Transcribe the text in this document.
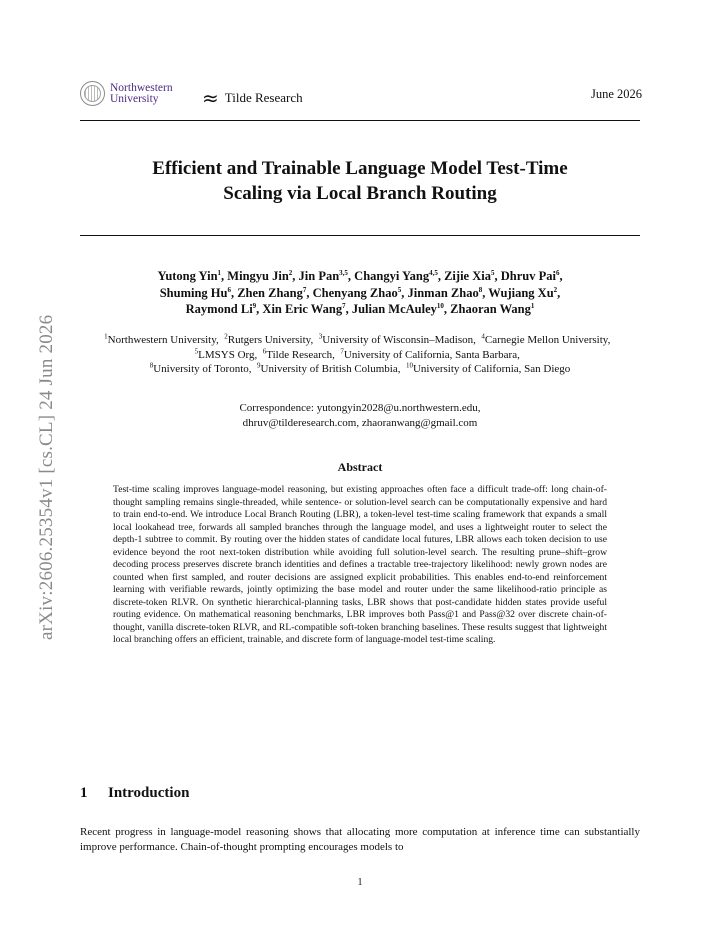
Northwestern
University	≈ Tilde Research	June 2026
Efficient and Trainable Language Model Test-Time
Scaling via Local Branch Routing
Yutong Yin$^1$, Mingyu Jin$^2$, Jin Pan$^{3,5}$, Changyi Yang$^{4,5}$, Zijie Xia$^5$, Dhruv Pai$^6$,
Shuming Hu$^6$, Zhen Zhang$^7$, Chenyang Zhao$^5$, Jinman Zhao$^8$, Wujiang Xu$^2$,
Raymond Li$^9$, Xin Eric Wang$^7$, Julian McAuley$^{10}$, Zhaoran Wang$^1$
$^1$Northwestern University,  $^2$Rutgers University,  $^3$University of Wisconsin–Madison,  $^4$Carnegie Mellon University,
$^5$LMSYS Org,  $^6$Tilde Research,  $^7$University of California, Santa Barbara,
$^8$University of Toronto,  $^9$University of British Columbia,  $^{10}$University of California, San Diego
Correspondence: yutongyin2028@u.northwestern.edu,
dhruv@tilderesearch.com, zhaoranwang@gmail.com
Abstract
Test-time scaling improves language-model reasoning, but existing approaches often face a difficult trade-off: long chain-of-thought sampling remains single-threaded, while sentence- or solution-level search can be computationally expensive and hard to train end-to-end. We introduce Local Branch Routing (LBR), a token-level test-time scaling framework that expands a small local lookahead tree, forwards all sampled branches through the language model, and uses a lightweight router to select the depth-1 subtree to commit. By routing over the hidden states of candidate local futures, LBR allows each token decision to use evidence beyond the root next-token distribution while avoiding full solution-level search. The resulting prune–shift–grow decoding process preserves discrete branch identities and defines a tractable tree-trajectory likelihood: newly grown nodes are counted when first sampled, and router decisions are assigned explicit probabilities. This enables end-to-end reinforcement learning with verifiable rewards, jointly optimizing the base model and router under the same likelihood-ratio principle as discrete-token RLVR. On synthetic hierarchical-planning tasks, LBR shows that post-candidate hidden states provide useful routing evidence. On mathematical reasoning benchmarks, LBR improves both Pass@1 and Pass@32 over discrete chain-of-thought, vanilla discrete-token RLVR, and RL-compatible soft-token branching baselines. These results suggest that lightweight local branching offers an efficient, trainable, and discrete form of language-model test-time scaling.
1 Introduction
Recent progress in language-model reasoning shows that allocating more computation at inference time can substantially improve performance. Chain-of-thought prompting encourages models to
1
arXiv:2606.25354v1 [cs.CL] 24 Jun 2026
